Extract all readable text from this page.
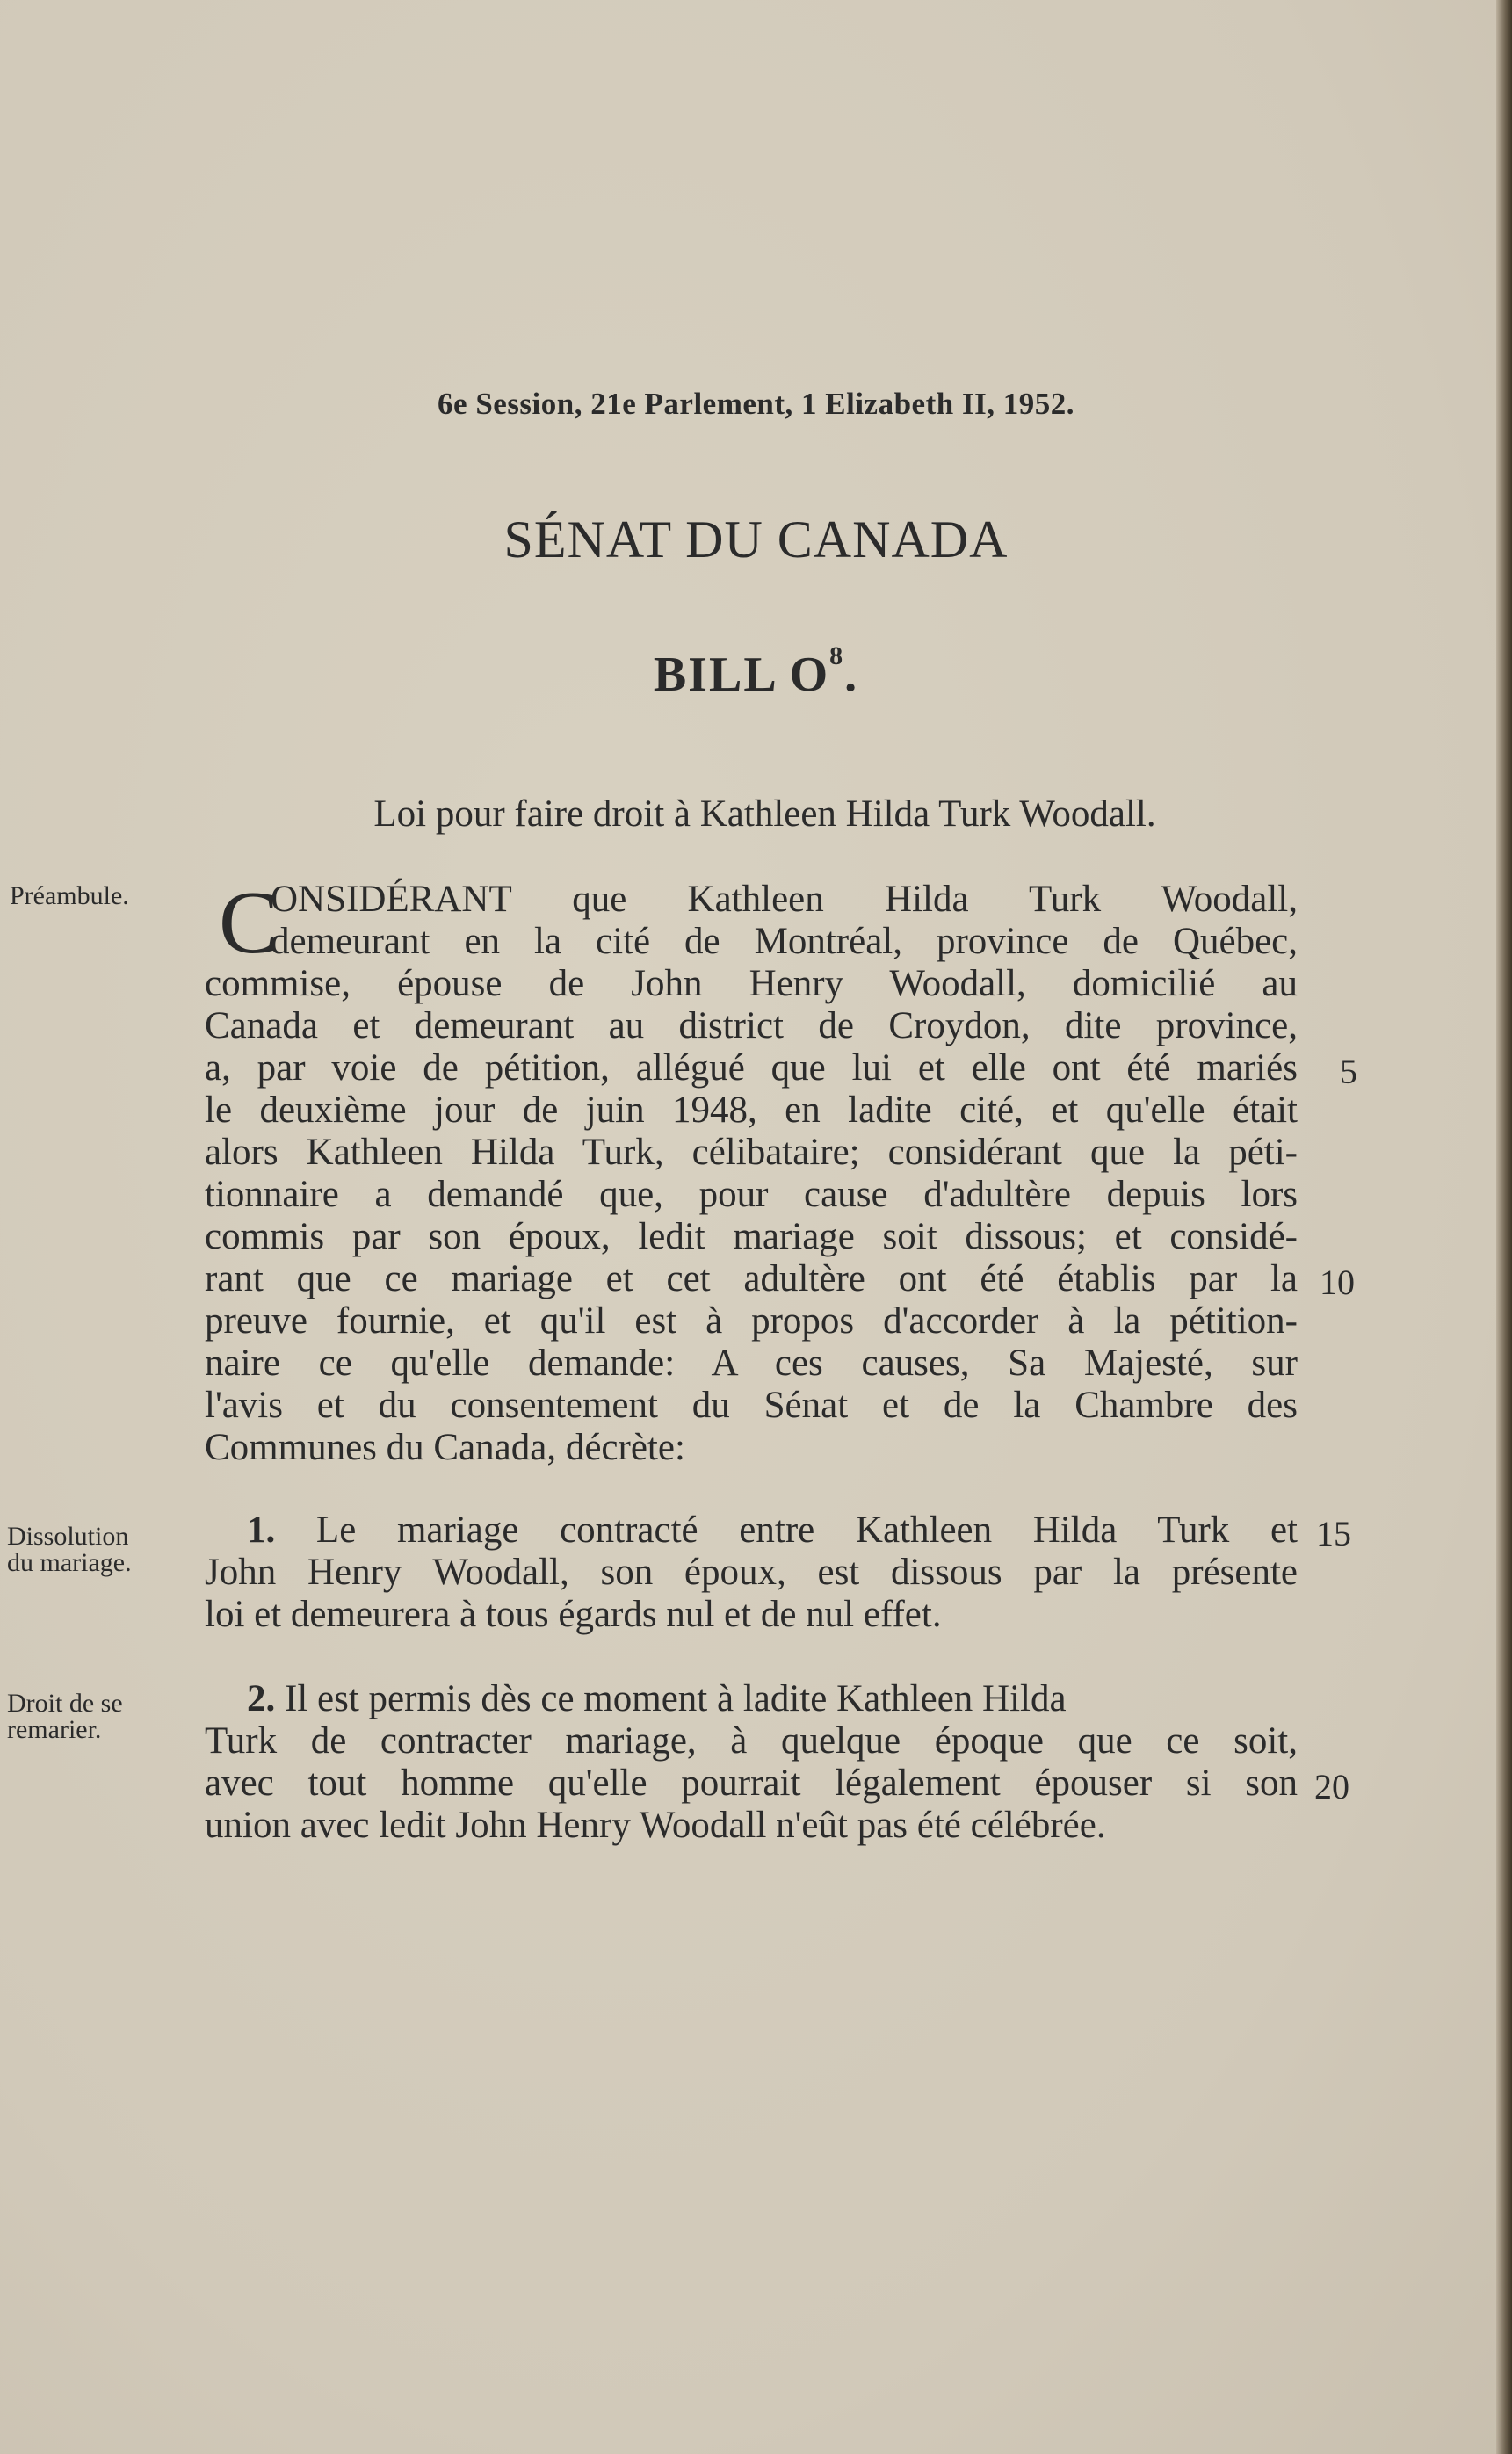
6e Session, 21e Parlement, 1 Elizabeth II, 1952.
SÉNAT DU CANADA
BILL $O^8$.
Loi pour faire droit à Kathleen Hilda Turk Woodall.
Préambule.
Dissolution
du mariage.
Droit de se
remarier.
C
ONSIDÉRANT que Kathleen Hilda Turk Woodall,
demeurant en la cité de Montréal, province de Québec,
commise, épouse de John Henry Woodall, domicilié au
Canada et demeurant au district de Croydon, dite province,
a, par voie de pétition, allégué que lui et elle ont été mariés
le deuxième jour de juin 1948, en ladite cité, et qu'elle était
alors Kathleen Hilda Turk, célibataire; considérant que la péti-
tionnaire a demandé que, pour cause d'adultère depuis lors
commis par son époux, ledit mariage soit dissous; et considé-
rant que ce mariage et cet adultère ont été établis par la
preuve fournie, et qu'il est à propos d'accorder à la pétition-
naire ce qu'elle demande: A ces causes, Sa Majesté, sur
l'avis et du consentement du Sénat et de la Chambre des
Communes du Canada, décrète:
1. Le mariage contracté entre Kathleen Hilda Turk et
John Henry Woodall, son époux, est dissous par la présente
loi et demeurera à tous égards nul et de nul effet.
2. Il est permis dès ce moment à ladite Kathleen Hilda
Turk de contracter mariage, à quelque époque que ce soit,
avec tout homme qu'elle pourrait légalement épouser si son
union avec ledit John Henry Woodall n'eût pas été célébrée.
5
10
15
20
